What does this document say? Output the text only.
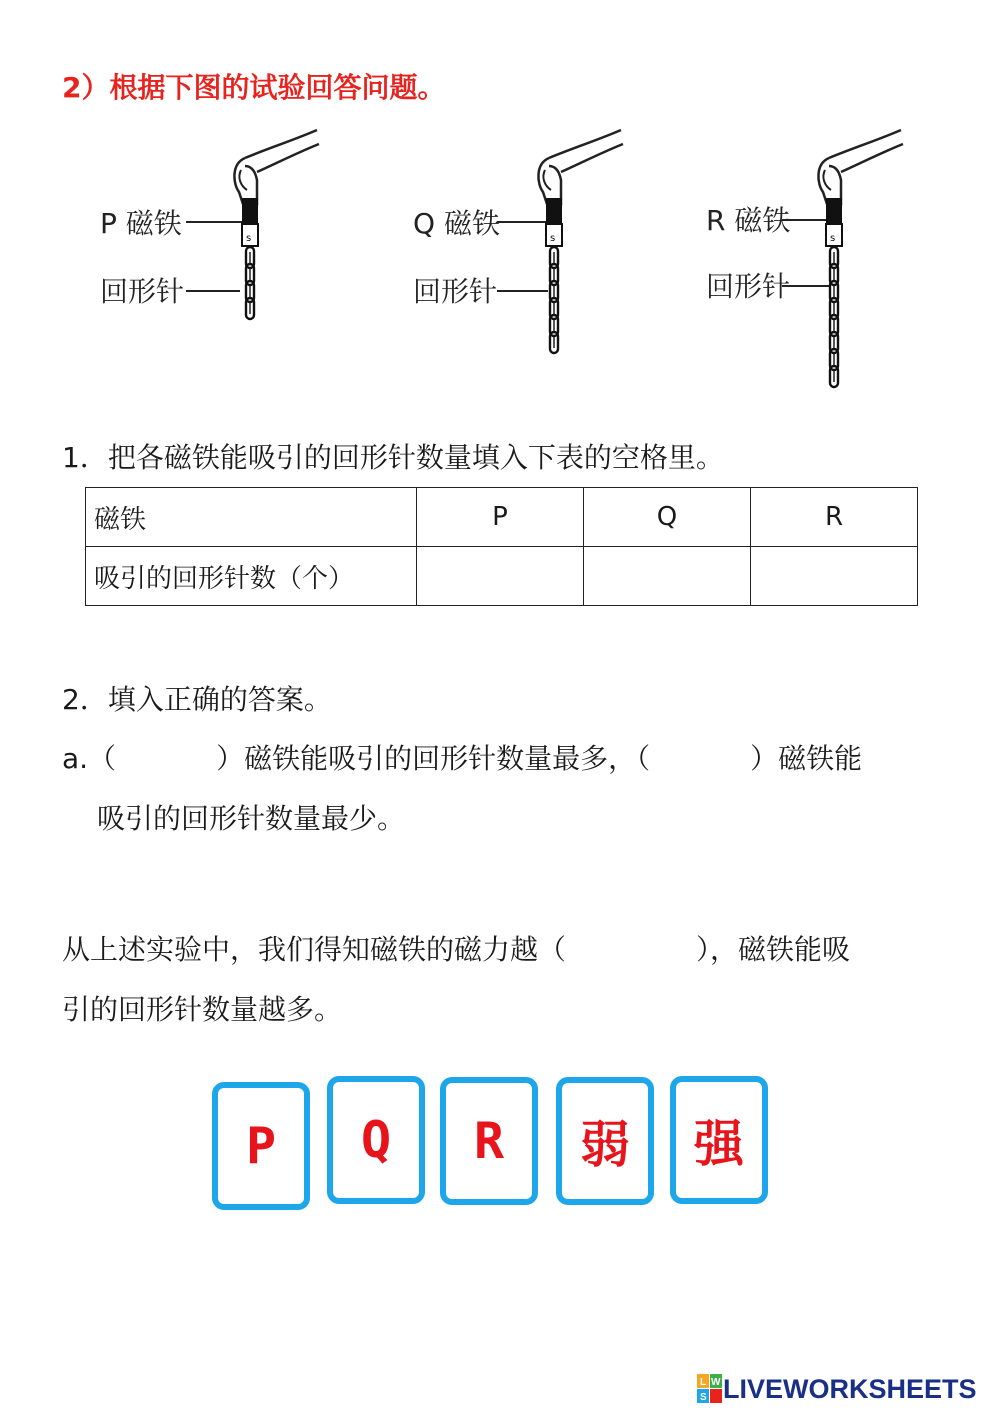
2）根据下图的试验回答问题。
P 磁铁
回形针
Q 磁铁
回形针
R 磁铁
回形针
s	s	s
1．把各磁铁能吸引的回形针数量填入下表的空格里。
磁铁	P	Q	R
吸引的回形针数（个）			
2．填入正确的答案。
a.（	）磁铁能吸引的回形针数量最多，（	）磁铁能
吸引的回形针数量最少。
从上述实验中，我们得知磁铁的磁力越（	），磁铁能吸
引的回形针数量越多。
P	Q	R	弱	强
L W
S LIVEWORKSHEETS
